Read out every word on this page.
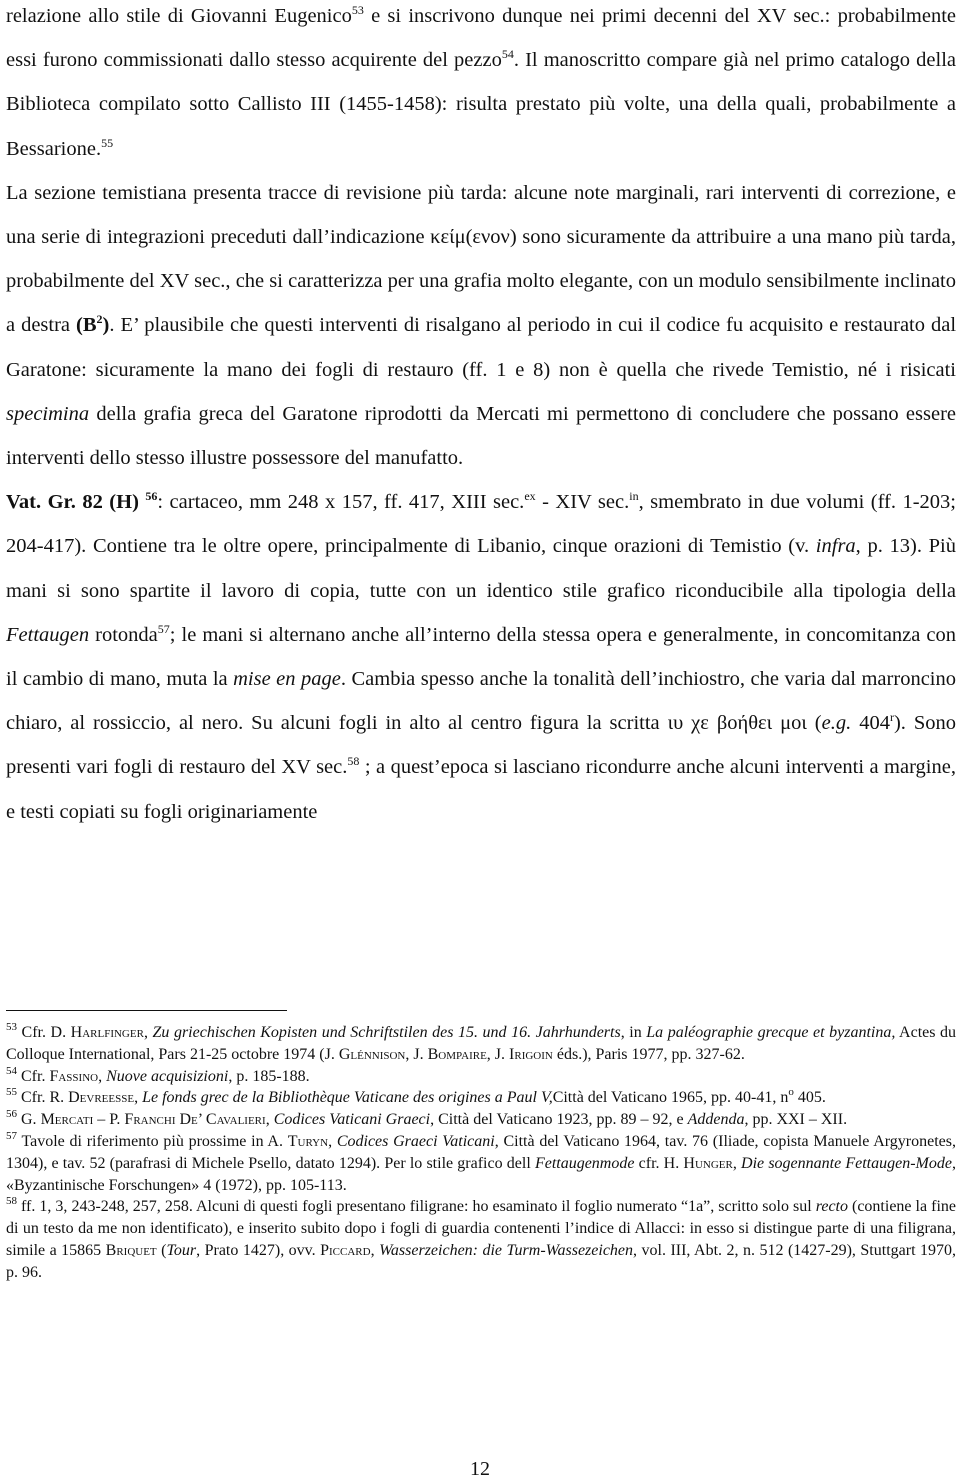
relazione allo stile di Giovanni Eugenico$^{53}$ e si inscrivono dunque nei primi decenni del XV sec.: probabilmente essi furono commissionati dallo stesso acquirente del pezzo$^{54}$. Il manoscritto compare già nel primo catalogo della Biblioteca compilato sotto Callisto III (1455-1458): risulta prestato più volte, una della quali, probabilmente a Bessarione.$^{55}$

La sezione temistiana presenta tracce di revisione più tarda: alcune note marginali, rari interventi di correzione, e una serie di integrazioni preceduti dall’indicazione κείμ(ενον) sono sicuramente da attribuire a una mano più tarda, probabilmente del XV sec., che si caratterizza per una grafia molto elegante, con un modulo sensibilmente inclinato a destra $(B^2)$. E’ plausibile che questi interventi di risalgano al periodo in cui il codice fu acquisito e restaurato dal Garatone: sicuramente la mano dei fogli di restauro (ff. 1 e 8) non è quella che rivede Temistio, né i risicati specimina della grafia greca del Garatone riprodotti da Mercati mi permettono di concludere che possano essere interventi dello stesso illustre possessore del manufatto.

Vat. Gr. 82 (H) $^{56}$: cartaceo, mm 248 x 157, ff. 417, XIII sec.$^{ex}$ - XIV sec.$^{in}$, smembrato in due volumi (ff. 1-203; 204-417). Contiene tra le oltre opere, principalmente di Libanio, cinque orazioni di Temistio (v. infra, p. 13). Più mani si sono spartite il lavoro di copia, tutte con un identico stile grafico riconducibile alla tipologia della Fettaugen rotonda$^{57}$; le mani si alternano anche all’interno della stessa opera e generalmente, in concomitanza con il cambio di mano, muta la mise en page. Cambia spesso anche la tonalità dell’inchiostro, che varia dal marroncino chiaro, al rossiccio, al nero. Su alcuni fogli in alto al centro figura la scritta ιυ χε βοήθει μοι (e.g. 404$^r$). Sono presenti vari fogli di restauro del XV sec.$^{58}$ ; a quest’epoca si lasciano ricondurre anche alcuni interventi a margine, e testi copiati su fogli originariamente

$^{53}$ Cfr. D. Harlfinger, Zu griechischen Kopisten und Schriftstilen des 15. und 16. Jahrhunderts, in La paléographie grecque et byzantina, Actes du Colloque International, Pars 21-25 octobre 1974 (J. Glénnison, J. Bompaire, J. Irigoin éds.), Paris 1977, pp. 327-62.

$^{54}$ Cfr. Fassino, Nuove acquisizioni, p. 185-188.

$^{55}$ Cfr. R. Devreesse, Le fonds grec de la Bibliothèque Vaticane des origines a Paul V,Città del Vaticano 1965, pp. 40-41, $n^o$ 405.

$^{56}$ G. Mercati – P. Franchi De’ Cavalieri, Codices Vaticani Graeci, Città del Vaticano 1923, pp. 89 – 92, e Addenda, pp. XXI – XII.

$^{57}$ Tavole di riferimento più prossime in A. Turyn, Codices Graeci Vaticani, Città del Vaticano 1964, tav. 76 (Iliade, copista Manuele Argyronetes, 1304), e tav. 52 (parafrasi di Michele Psello, datato 1294). Per lo stile grafico dell Fettaugenmode cfr. H. Hunger, Die sogennante Fettaugen-Mode, «Byzantinische Forschungen» 4 (1972), pp. 105-113.

$^{58}$ ff. 1, 3, 243-248, 257, 258. Alcuni di questi fogli presentano filigrane: ho esaminato il foglio numerato “1a”, scritto solo sul recto (contiene la fine di un testo da me non identificato), e inserito subito dopo i fogli di guardia contenenti l’indice di Allacci: in esso si distingue parte di una filigrana, simile a 15865 Briquet (Tour, Prato 1427), ovv. Piccard, Wasserzeichen: die Turm-Wassezeichen, vol. III, Abt. 2, n. 512 (1427-29), Stuttgart 1970, p. 96.

12
